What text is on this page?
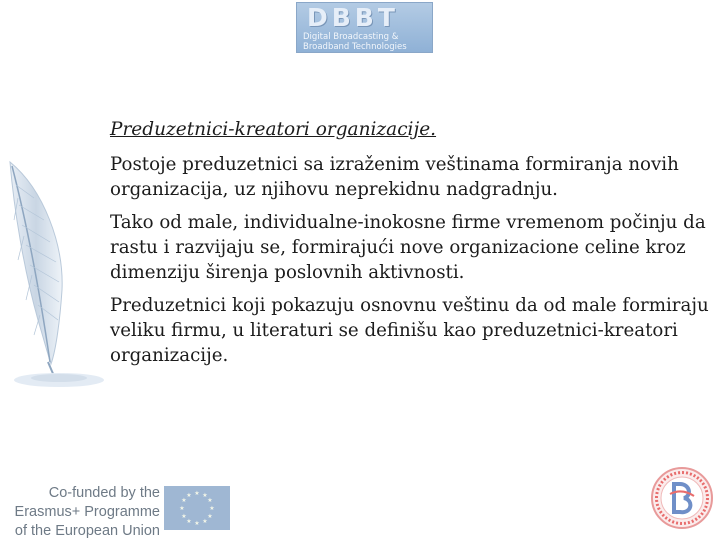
DBBT
Digital Broadcasting &
Broadband Technologies

Preduzetnici-kreatori organizacije.

Postoje preduzetnici sa izraženim veštinama formiranja novih organizacija, uz njihovu neprekidnu nadgradnju.

Tako od male, individualne-inokosne firme vremenom počinju da rastu i razvijaju se, formirajući nove organizacione celine kroz dimenziju širenja poslovnih aktivnosti.

Preduzetnici koji pokazuju osnovnu veštinu da od male formiraju veliku firmu, u literaturi se definišu kao preduzetnici-kreatori organizacije.

Co-funded by the
Erasmus+ Programme
of the European Union
★ ★
★
★
★
★
★
★
★
★
★
★
